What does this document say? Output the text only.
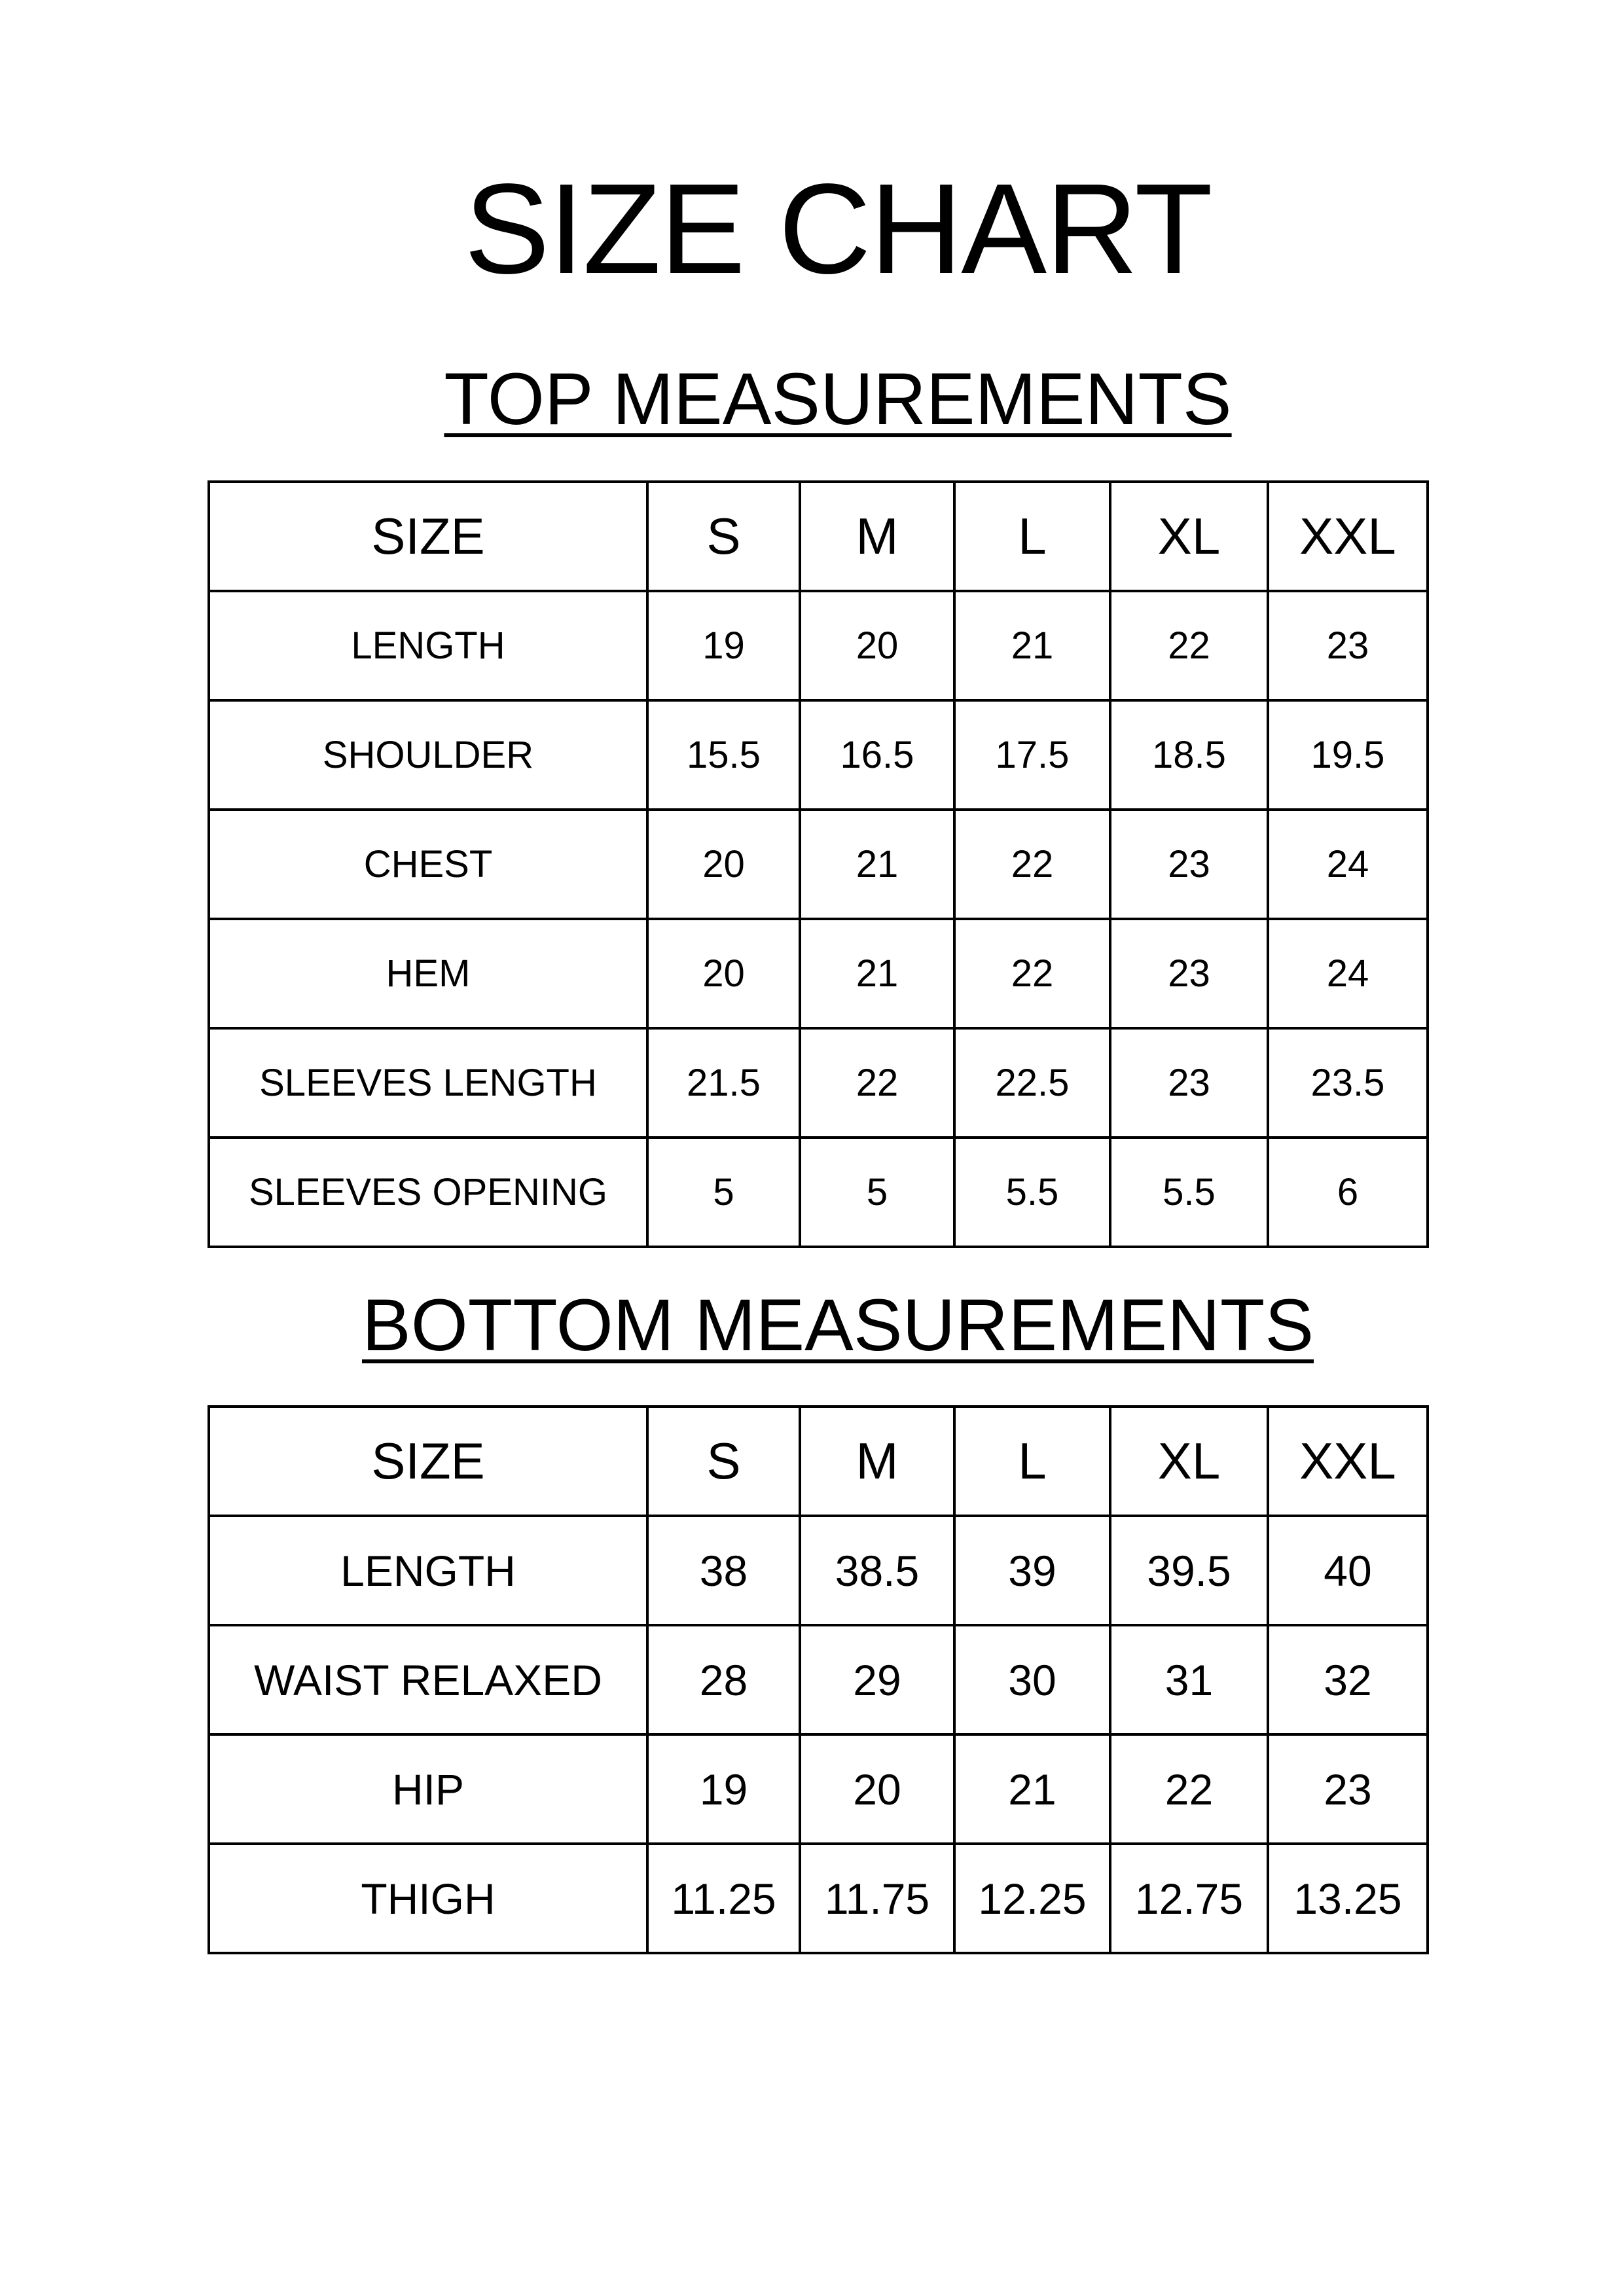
SIZE CHART
TOP MEASUREMENTS
SIZE	S	M	L	XL	XXL
LENGTH	19	20	21	22	23
SHOULDER	15.5	16.5	17.5	18.5	19.5
CHEST	20	21	22	23	24
HEM	20	21	22	23	24
SLEEVES LENGTH	21.5	22	22.5	23	23.5
SLEEVES OPENING	5	5	5.5	5.5	6
BOTTOM MEASUREMENTS
SIZE	S	M	L	XL	XXL
LENGTH	38	38.5	39	39.5	40
WAIST RELAXED	28	29	30	31	32
HIP	19	20	21	22	23
THIGH	11.25	11.75	12.25	12.75	13.25
